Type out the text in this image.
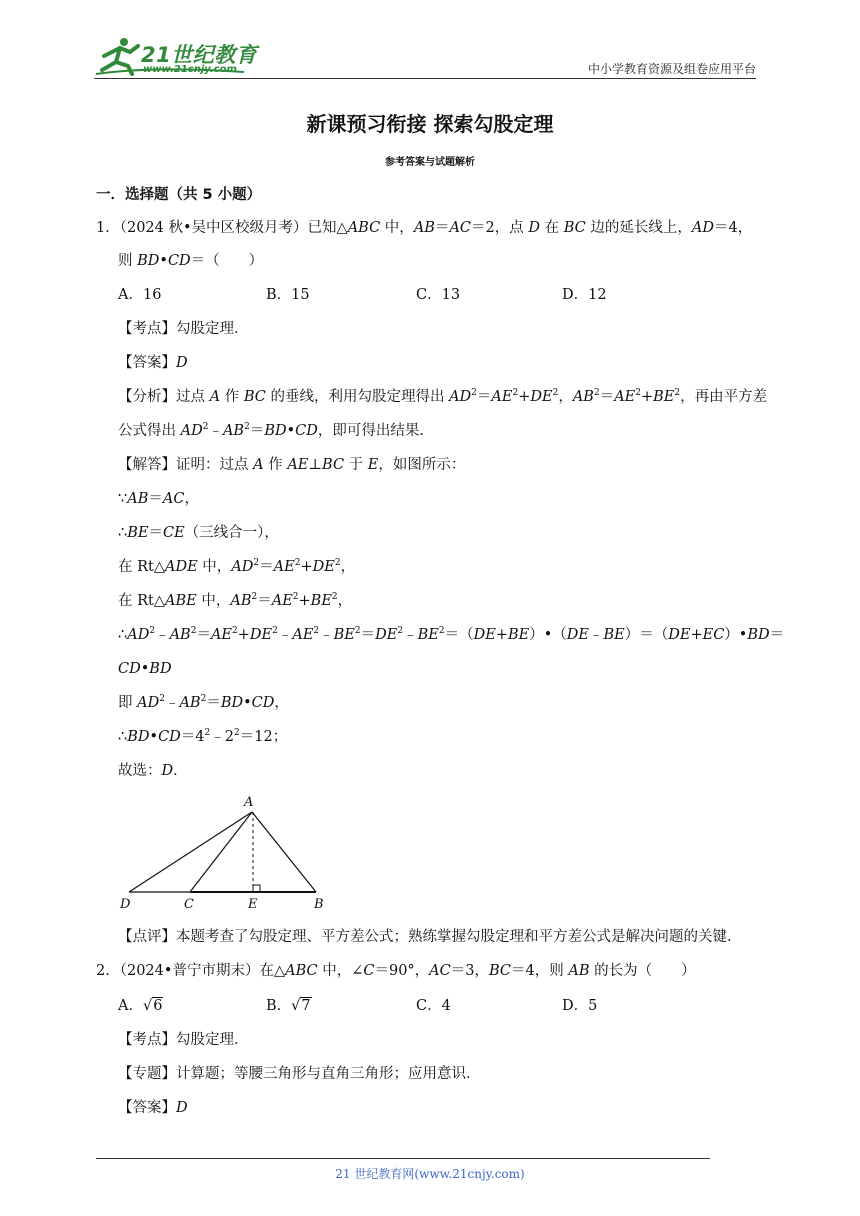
21世纪教育
www.21cnjy.com	中小学教育资源及组卷应用平台
新课预习衔接 探索勾股定理
参考答案与试题解析
一．选择题（共 5 小题）
1．（2024 秋•吴中区校级月考）已知△ABC 中，AB＝AC＝2，点 D 在 BC 边的延长线上，AD＝4，
则 BD•CD＝（　　）
A．16	B．15	C．13	D．12
【考点】勾股定理．
【答案】D
【分析】过点 A 作 BC 的垂线，利用勾股定理得出 $AD^2=AE^2+DE^2$，$AB^2=AE^2+BE^2$，再由平方差
公式得出 $AD^2﹣AB^2=BD•CD$，即可得出结果．
【解答】证明：过点 A 作 AE⊥BC 于 E，如图所示：
∵AB＝AC，
∴BE＝CE（三线合一），
在 Rt△ADE 中，$AD^2=AE^2+DE^2$，
在 Rt△ABE 中，$AB^2=AE^2+BE^2$，
$\therefore AD^2﹣AB^2=AE^2+DE^2﹣AE^2﹣BE^2=DE^2﹣BE^2=(DE+BE)•(DE﹣BE)=(DE+EC)•BD=$
CD•BD
即 $AD^2﹣AB^2=BD•CD$，
$\therefore BD•CD=4^2﹣2^2=12$；
故选：D．
A
D	C	E	B
【点评】本题考查了勾股定理、平方差公式；熟练掌握勾股定理和平方差公式是解决问题的关键．
2．（2024•普宁市期末）在△ABC 中，∠C＝90°，AC＝3，BC＝4，则 AB 的长为（　　）
A．√6	B．√7	C．4	D．5
【考点】勾股定理．
【专题】计算题；等腰三角形与直角三角形；应用意识．
【答案】D
21 世纪教育网(www.21cnjy.com)
